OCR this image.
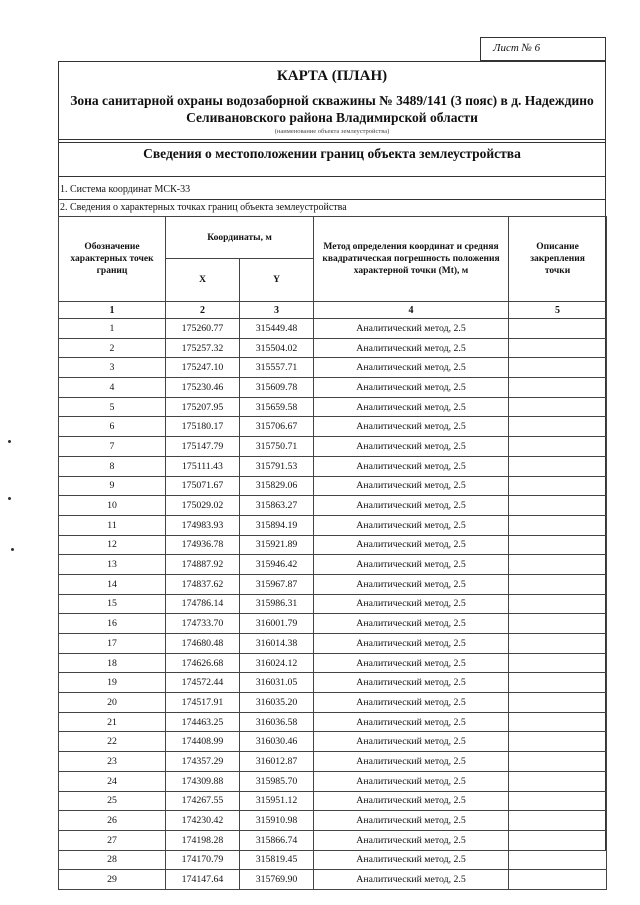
Лист № 6
КАРТА (ПЛАН)
Зона санитарной охраны водозаборной скважины № 3489/141 (3 пояс) в д. Надеждино Селивановского района Владимирской области
(наименование объекта землеустройства)
Сведения о местоположении границ объекта землеустройства
1. Система координат МСК-33
2. Сведения о характерных точках границ объекта землеустройства
Обозначение характерных точек границ	Координаты, м		Метод определения координат и средняя квадратическая погрешность положения характерной точки (Mt), м	Описание закрепления точки
	X	Y		
1	2	3	4	5
1	175260.77	315449.48	Аналитический метод, 2.5	
2	175257.32	315504.02	Аналитический метод, 2.5	
3	175247.10	315557.71	Аналитический метод, 2.5	
4	175230.46	315609.78	Аналитический метод, 2.5	
5	175207.95	315659.58	Аналитический метод, 2.5	
6	175180.17	315706.67	Аналитический метод, 2.5	
7	175147.79	315750.71	Аналитический метод, 2.5	
8	175111.43	315791.53	Аналитический метод, 2.5	
9	175071.67	315829.06	Аналитический метод, 2.5	
10	175029.02	315863.27	Аналитический метод, 2.5	
11	174983.93	315894.19	Аналитический метод, 2.5	
12	174936.78	315921.89	Аналитический метод, 2.5	
13	174887.92	315946.42	Аналитический метод, 2.5	
14	174837.62	315967.87	Аналитический метод, 2.5	
15	174786.14	315986.31	Аналитический метод, 2.5	
16	174733.70	316001.79	Аналитический метод, 2.5	
17	174680.48	316014.38	Аналитический метод, 2.5	
18	174626.68	316024.12	Аналитический метод, 2.5	
19	174572.44	316031.05	Аналитический метод, 2.5	
20	174517.91	316035.20	Аналитический метод, 2.5	
21	174463.25	316036.58	Аналитический метод, 2.5	
22	174408.99	316030.46	Аналитический метод, 2.5	
23	174357.29	316012.87	Аналитический метод, 2.5	
24	174309.88	315985.70	Аналитический метод, 2.5	
25	174267.55	315951.12	Аналитический метод, 2.5	
26	174230.42	315910.98	Аналитический метод, 2.5	
27	174198.28	315866.74	Аналитический метод, 2.5	
28	174170.79	315819.45	Аналитический метод, 2.5	
29	174147.64	315769.90	Аналитический метод, 2.5	
